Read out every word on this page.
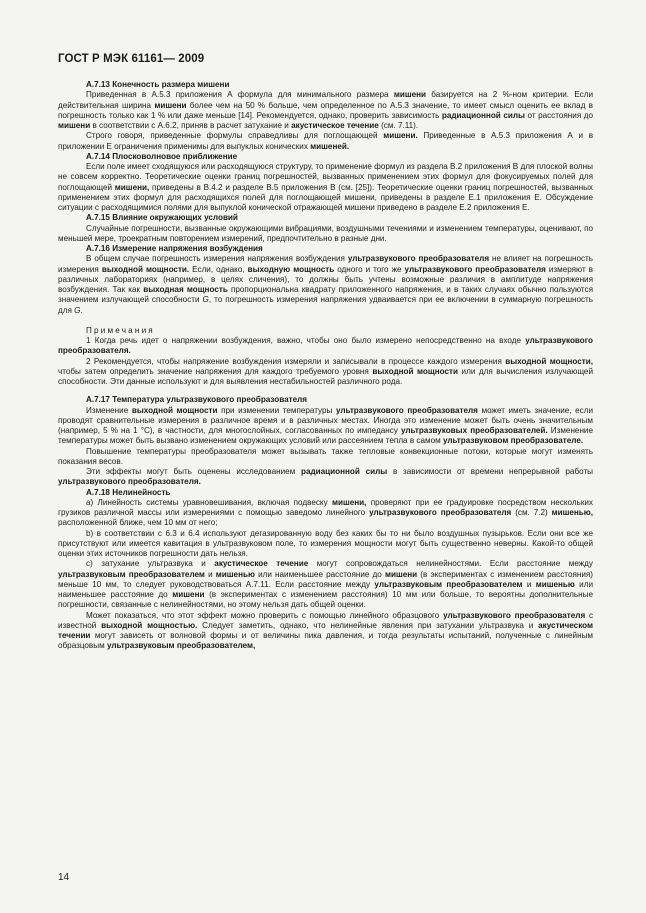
ГОСТ Р МЭК 61161— 2009

А.7.13 Конечность размера мишени

Приведенная в А.5.3 приложения А формула для минимального размера мишени базируется на 2 %-ном критерии. Если действительная ширина мишени более чем на 50 % больше, чем определенное по А.5.3 значение, то имеет смысл оценить ее вклад в погрешность только как 1 % или даже меньше [14]. Рекомендуется, однако, проверить зависимость радиационной силы от расстояния до мишени в соответствии с А.6.2, приняв в расчет затухание и акустическое течение (см. 7.11).

Строго говоря, приведенные формулы справедливы для поглощающей мишени. Приведенные в А.5.3 приложения А и в приложении Е ограничения применимы для выпуклых конических мишеней.

А.7.14 Плосковолновое приближение

Если поле имеет сходящуюся или расходящуюся структуру, то применение формул из раздела В.2 приложения В для плоской волны не совсем корректно. Теоретические оценки границ погрешностей, вызванных применением этих формул для фокусируемых полей для поглощающей мишени, приведены в В.4.2 и разделе В.5 приложения В (см. [25]). Теоретические оценки границ погрешностей, вызванных применением этих формул для расходящихся полей для поглощающей мишени, приведены в разделе Е.1 приложения Е. Обсуждение ситуации с расходящимися полями для выпуклой конической отражающей мишени приведено в разделе Е.2 приложения Е.

А.7.15 Влияние окружающих условий

Случайные погрешности, вызванные окружающими вибрациями, воздушными течениями и изменением температуры, оценивают, по меньшей мере, троекратным повторением измерений, предпочтительно в разные дни.

А.7.16 Измерение напряжения возбуждения

В общем случае погрешность измерения напряжения возбуждения ультразвукового преобразователя не влияет на погрешность измерения выходной мощности. Если, однако, выходную мощность одного и того же ультразвукового преобразователя измеряют в различных лабораториях (например, в целях сличения), то должны быть учтены возможные различия в амплитуде напряжения возбуждения. Так как выходная мощность пропорциональна квадрату приложенного напряжения, и в таких случаях обычно пользуются значением излучающей способности G, то погрешность измерения напряжения удваивается при ее включении в суммарную погрешность для G.

Примечания

1 Когда речь идет о напряжении возбуждения, важно, чтобы оно было измерено непосредственно на входе ультразвукового преобразователя.

2 Рекомендуется, чтобы напряжение возбуждения измеряли и записывали в процессе каждого измерения выходной мощности, чтобы затем определить значение напряжения для каждого требуемого уровня выходной мощности или для вычисления излучающей способности. Эти данные используют и для выявления нестабильностей различного рода.

А.7.17 Температура ультразвукового преобразователя

Изменение выходной мощности при изменении температуры ультразвукового преобразователя может иметь значение, если проводят сравнительные измерения в различное время и в различных местах. Иногда это изменение может быть очень значительным (например, 5 % на 1 °С), в частности, для многослойных, согласованных по импедансу ультразвуковых преобразователей. Изменение температуры может быть вызвано изменением окружающих условий или рассеянием тепла в самом ультразвуковом преобразователе.

Повышение температуры преобразователя может вызывать также тепловые конвекционные потоки, которые могут изменять показания весов.

Эти эффекты могут быть оценены исследованием радиационной силы в зависимости от времени непрерывной работы ультразвукового преобразователя.

А.7.18 Нелинейность

а) Линейность системы уравновешивания, включая подвеску мишени, проверяют при ее градуировке посредством нескольких грузиков различной массы или измерениями с помощью заведомо линейного ультразвукового преобразователя (см. 7.2) мишенью, расположенной ближе, чем 10 мм от него;

b) в соответствии с 6.3 и 6.4 используют дегазированную воду без каких бы то ни было воздушных пузырьков. Если они все же присутствуют или имеется кавитация в ультразвуковом поле, то измерения мощности могут быть существенно неверны. Какой-то общей оценки этих источников погрешности дать нельзя.

с) затухание ультразвука и акустическое течение могут сопровождаться нелинейностями. Если расстояние между ультразвуковым преобразователем и мишенью или наименьшее расстояние до мишени (в экспериментах с изменением расстояния) меньше 10 мм, то следует руководствоваться А.7.11. Если расстояние между ультразвуковым преобразователем и мишенью или наименьшее расстояние до мишени (в экспериментах с изменением расстояния) 10 мм или больше, то вероятны дополнительные погрешности, связанные с нелинейностями, но этому нельзя дать общей оценки.

Может показаться, что этот эффект можно проверить с помощью линейного образцового ультразвукового преобразователя с известной выходной мощностью. Следует заметить, однако, что нелинейные явления при затухании ультразвука и акустическом течении могут зависеть от волновой формы и от величины пика давления, и тогда результаты испытаний, полученные с линейным образцовым ультразвуковым преобразователем,

14
